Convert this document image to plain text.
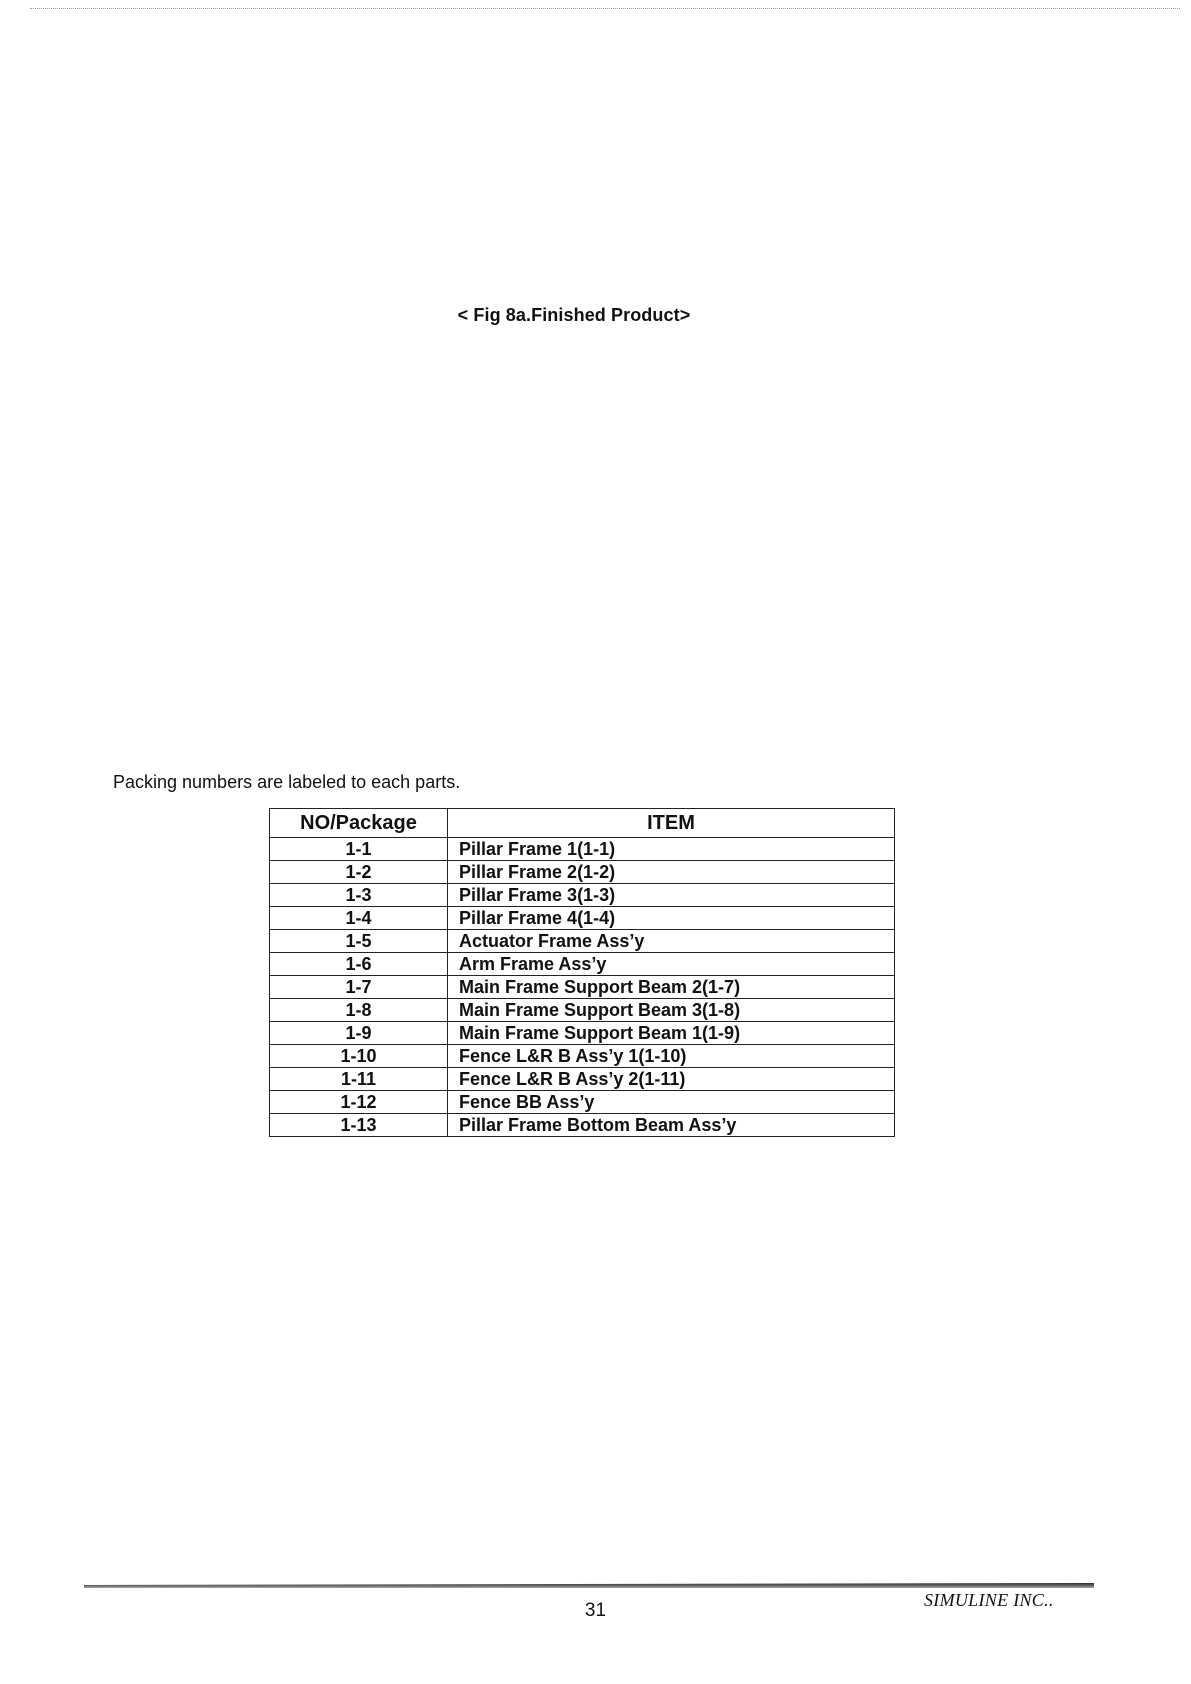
< Fig 8a.Finished Product>
Packing numbers are labeled to each parts.
NO/Package	ITEM
1-1	Pillar Frame 1(1-1)
1-2	Pillar Frame 2(1-2)
1-3	Pillar Frame 3(1-3)
1-4	Pillar Frame 4(1-4)
1-5	Actuator Frame Ass’y
1-6	Arm Frame Ass’y
1-7	Main Frame Support Beam 2(1-7)
1-8	Main Frame Support Beam 3(1-8)
1-9	Main Frame Support Beam 1(1-9)
1-10	Fence L&R B Ass’y 1(1-10)
1-11	Fence L&R B Ass’y 2(1-11)
1-12	Fence BB Ass’y
1-13	Pillar Frame Bottom Beam Ass’y
31	SIMULINE INC..
